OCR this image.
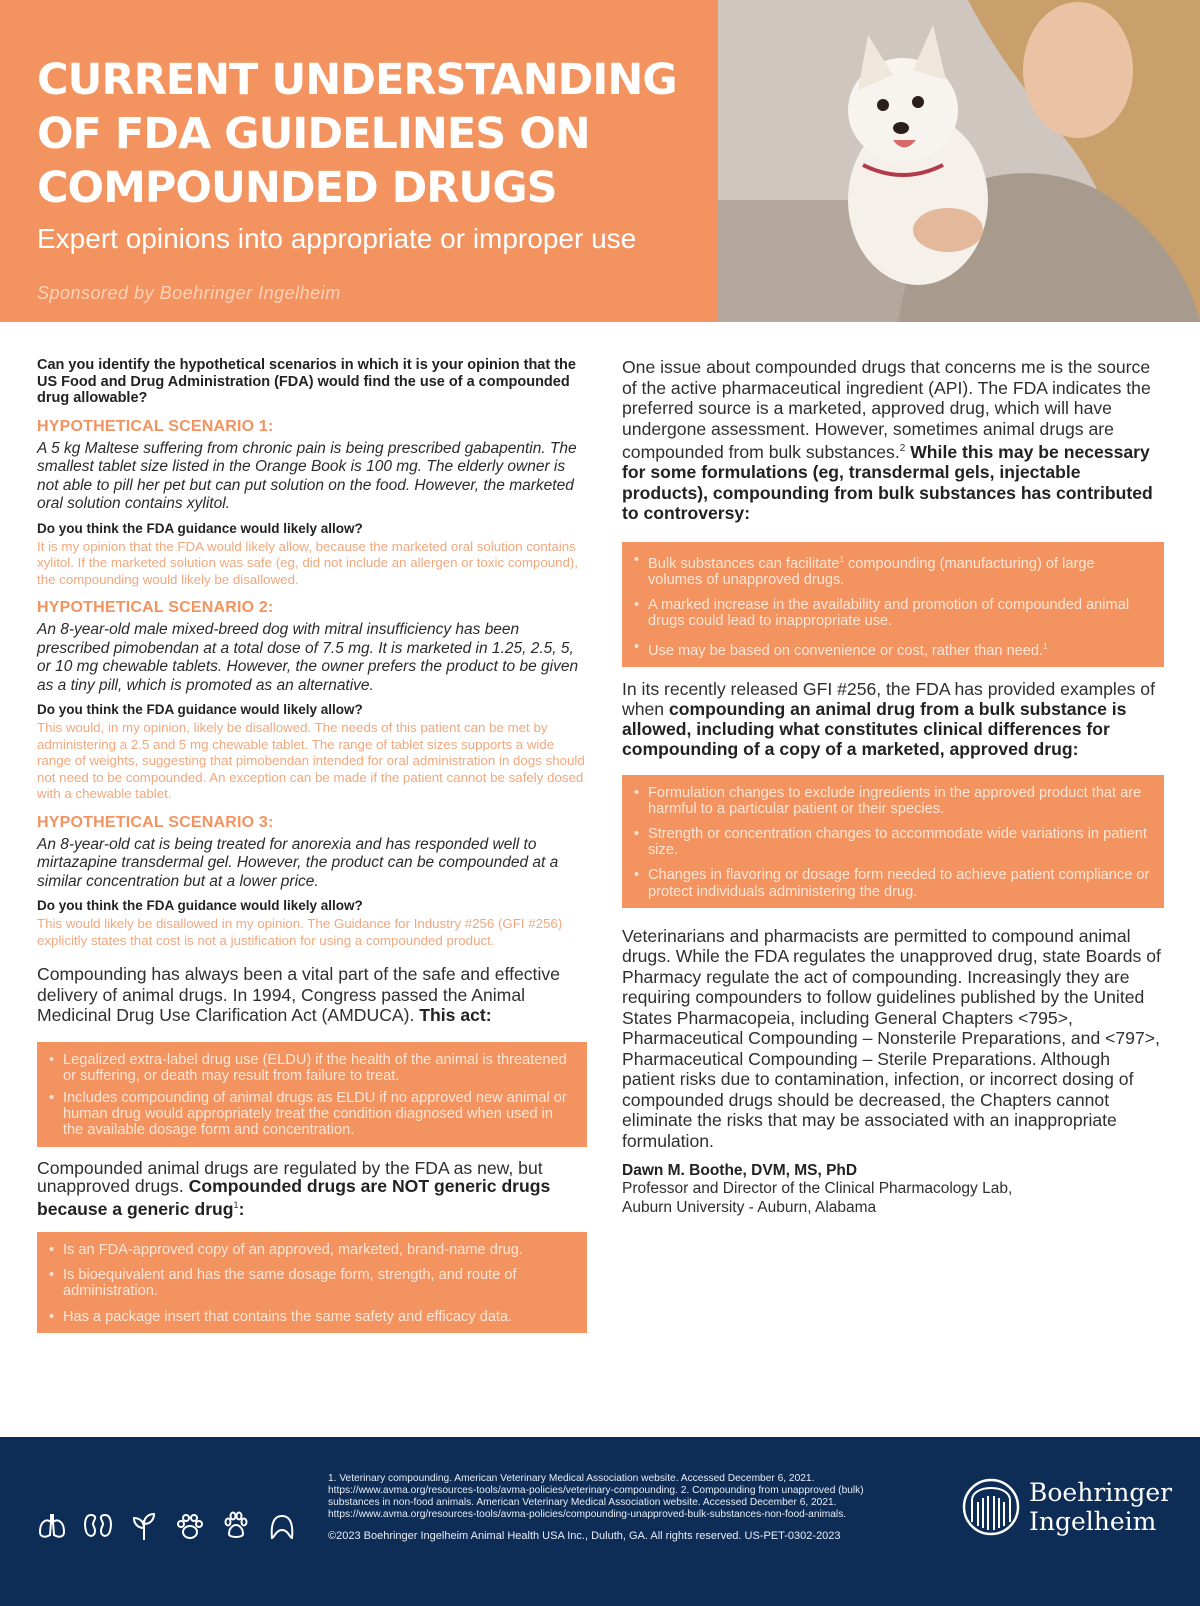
CURRENT UNDERSTANDING
OF FDA GUIDELINES ON
COMPOUNDED DRUGS
Expert opinions into appropriate or improper use
Sponsored by Boehringer Ingelheim
Can you identify the hypothetical scenarios in which it is your opinion that the US Food and Drug Administration (FDA) would find the use of a compounded drug allowable?
HYPOTHETICAL SCENARIO 1:
A 5 kg Maltese suffering from chronic pain is being prescribed gabapentin. The smallest tablet size listed in the Orange Book is 100 mg. The elderly owner is not able to pill her pet but can put solution on the food. However, the marketed oral solution contains xylitol.
Do you think the FDA guidance would likely allow?
It is my opinion that the FDA would likely allow, because the marketed oral solution contains xylitol. If the marketed solution was safe (eg, did not include an allergen or toxic compound), the compounding would likely be disallowed.
HYPOTHETICAL SCENARIO 2:
An 8-year-old male mixed-breed dog with mitral insufficiency has been prescribed pimobendan at a total dose of 7.5 mg. It is marketed in 1.25, 2.5, 5, or 10 mg chewable tablets. However, the owner prefers the product to be given as a tiny pill, which is promoted as an alternative.
Do you think the FDA guidance would likely allow?
This would, in my opinion, likely be disallowed. The needs of this patient can be met by administering a 2.5 and 5 mg chewable tablet. The range of tablet sizes supports a wide range of weights, suggesting that pimobendan intended for oral administration in dogs should not need to be compounded. An exception can be made if the patient cannot be safely dosed with a chewable tablet.
HYPOTHETICAL SCENARIO 3:
An 8-year-old cat is being treated for anorexia and has responded well to mirtazapine transdermal gel. However, the product can be compounded at a similar concentration but at a lower price.
Do you think the FDA guidance would likely allow?
This would likely be disallowed in my opinion. The Guidance for Industry #256 (GFI #256) explicitly states that cost is not a justification for using a compounded product.
Compounding has always been a vital part of the safe and effective delivery of animal drugs. In 1994, Congress passed the Animal Medicinal Drug Use Clarification Act (AMDUCA). This act:
• Legalized extra-label drug use (ELDU) if the health of the animal is threatened or suffering, or death may result from failure to treat.
• Includes compounding of animal drugs as ELDU if no approved new animal or human drug would appropriately treat the condition diagnosed when used in the available dosage form and concentration.
Compounded animal drugs are regulated by the FDA as new, but unapproved drugs. Compounded drugs are NOT generic drugs because a generic drug$^1$:
• Is an FDA-approved copy of an approved, marketed, brand-name drug.
• Is bioequivalent and has the same dosage form, strength, and route of administration.
• Has a package insert that contains the same safety and efficacy data.
One issue about compounded drugs that concerns me is the source of the active pharmaceutical ingredient (API). The FDA indicates the preferred source is a marketed, approved drug, which will have undergone assessment. However, sometimes animal drugs are compounded from bulk substances.$^2$ While this may be necessary for some formulations (eg, transdermal gels, injectable products), compounding from bulk substances has contributed to controversy:
• Bulk substances can facilitate$^1$ compounding (manufacturing) of large volumes of unapproved drugs.
• A marked increase in the availability and promotion of compounded animal drugs could lead to inappropriate use.
• Use may be based on convenience or cost, rather than need.$^1$
In its recently released GFI #256, the FDA has provided examples of when compounding an animal drug from a bulk substance is allowed, including what constitutes clinical differences for compounding of a copy of a marketed, approved drug:
• Formulation changes to exclude ingredients in the approved product that are harmful to a particular patient or their species.
• Strength or concentration changes to accommodate wide variations in patient size.
• Changes in flavoring or dosage form needed to achieve patient compliance or protect individuals administering the drug.
Veterinarians and pharmacists are permitted to compound animal drugs. While the FDA regulates the unapproved drug, state Boards of Pharmacy regulate the act of compounding. Increasingly they are requiring compounders to follow guidelines published by the United States Pharmacopeia, including General Chapters <795>, Pharmaceutical Compounding – Nonsterile Preparations, and <797>, Pharmaceutical Compounding – Sterile Preparations. Although patient risks due to contamination, infection, or incorrect dosing of compounded drugs should be decreased, the Chapters cannot eliminate the risks that may be associated with an inappropriate formulation.
Dawn M. Boothe, DVM, MS, PhD
Professor and Director of the Clinical Pharmacology Lab,
Auburn University - Auburn, Alabama
1. Veterinary compounding. American Veterinary Medical Association website. Accessed December 6, 2021. https://www.avma.org/resources-tools/avma-policies/veterinary-compounding. 2. Compounding from unapproved (bulk) substances in non-food animals. American Veterinary Medical Association website. Accessed December 6, 2021. https://www.avma.org/resources-tools/avma-policies/compounding-unapproved-bulk-substances-non-food-animals.
©2023 Boehringer Ingelheim Animal Health USA Inc., Duluth, GA. All rights reserved. US-PET-0302-2023
Boehringer
Ingelheim
